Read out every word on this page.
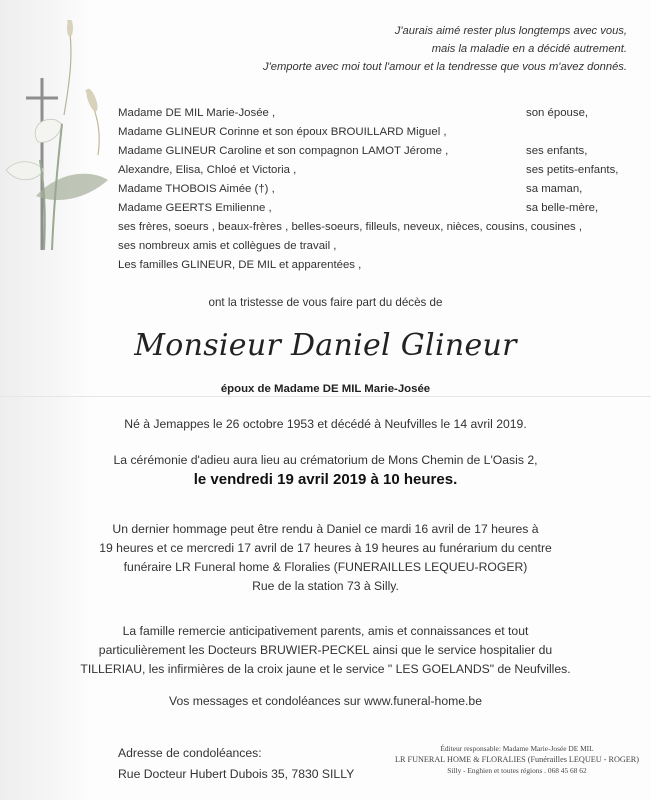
J'aurais aimé rester plus longtemps avec vous,
mais la maladie en a décidé autrement.
J'emporte avec moi tout l'amour et la tendresse que vous m'avez donnés.
Madame DE MIL Marie-Josée ,	son épouse,
Madame GLINEUR Corinne et son époux BROUILLARD Miguel ,
Madame GLINEUR Caroline et son compagnon LAMOT Jérome ,	ses enfants,
Alexandre, Elisa, Chloé et Victoria ,	ses petits-enfants,
Madame THOBOIS Aimée (†) ,	sa maman,
Madame GEERTS Emilienne ,	sa belle-mère,
ses frères, soeurs , beaux-frères , belles-soeurs, filleuls, neveux, nièces, cousins, cousines ,
ses nombreux amis et collègues de travail ,
Les familles GLINEUR, DE MIL et apparentées ,
ont la tristesse de vous faire part du décès de
Monsieur Daniel Glineur
époux de Madame DE MIL Marie-Josée
Né à Jemappes le 26 octobre 1953 et décédé à Neufvilles le 14 avril 2019.
La cérémonie d'adieu aura lieu au crématorium de Mons Chemin de L'Oasis 2,
le vendredi 19 avril 2019 à 10 heures.
Un dernier hommage peut être rendu à Daniel ce mardi 16 avril de 17 heures à
19 heures et ce mercredi 17 avril de 17 heures à 19 heures au funérarium du centre
funéraire LR Funeral home & Floralies (FUNERAILLES LEQUEU-ROGER)
Rue de la station 73 à Silly.
La famille remercie anticipativement parents, amis et connaissances et tout
particulièrement les Docteurs BRUWIER-PECKEL ainsi que le service hospitalier du
TILLERIAU, les infirmières de la croix jaune et le service " LES GOELANDS" de Neufvilles.
Vos messages et condoléances sur www.funeral-home.be
Adresse de condoléances:
Rue Docteur Hubert Dubois 35, 7830 SILLY
Éditeur responsable: Madame Marie-Josée DE MIL
LR FUNERAL HOME & FLORALIES (Funérailles LEQUEU - ROGER)
Silly - Enghien et toutes régions . 068 45 68 62
